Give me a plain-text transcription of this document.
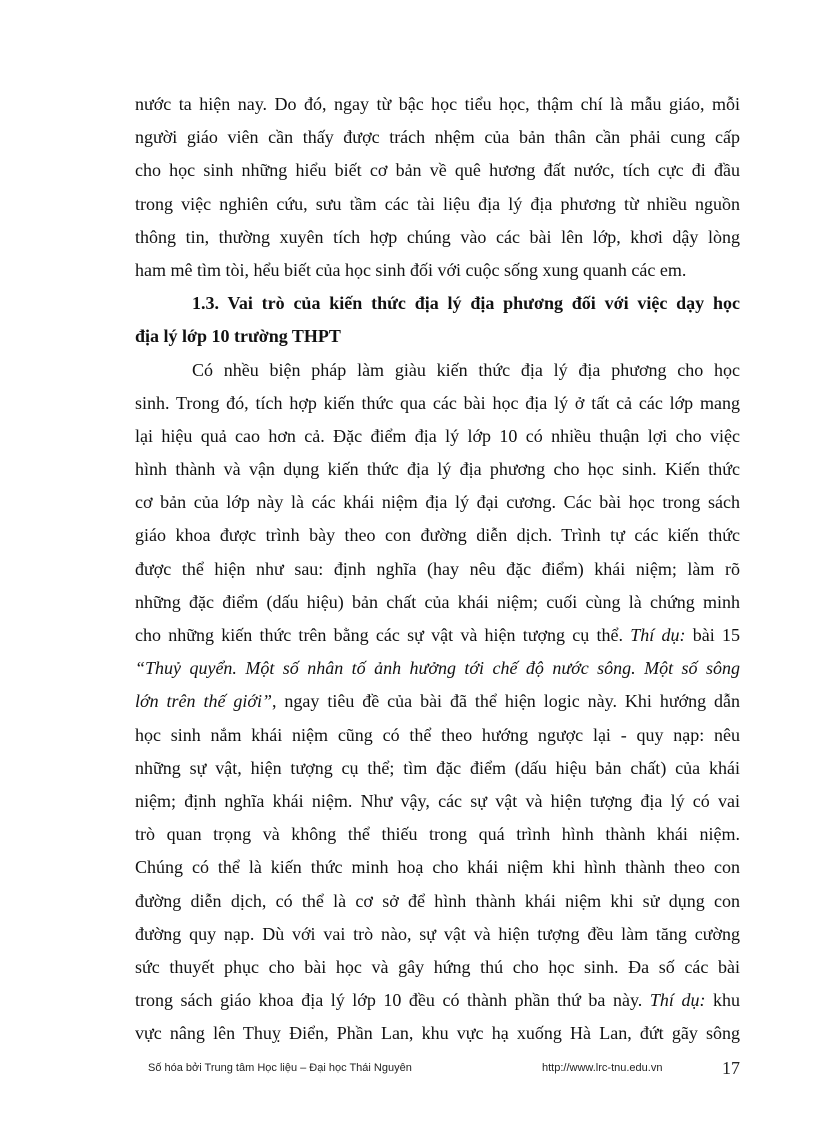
nước ta hiện nay. Do đó, ngay từ bậc học tiểu học, thậm chí là mẫu giáo, mỗi
người giáo viên cần thấy được trách nhệm của bản thân cần phải cung cấp
cho học sinh những hiểu biết cơ bản về quê hương đất nước, tích cực đi đầu
trong việc nghiên cứu, sưu tầm các tài liệu địa lý địa phương từ nhiều nguồn
thông tin, thường xuyên tích hợp chúng vào các bài lên lớp, khơi dậy lòng
ham mê tìm tòi, hểu biết của học sinh đối với cuộc sống xung quanh các em.
1.3. Vai trò của kiến thức địa lý địa phương đối với việc dạy học
địa lý lớp 10 trường THPT
Có nhều biện pháp làm giàu kiến thức địa lý địa phương cho học
sinh. Trong đó, tích hợp kiến thức qua các bài học địa lý ở tất cả các lớp mang
lại hiệu quả cao hơn cả. Đặc điểm địa lý lớp 10 có nhiều thuận lợi cho việc
hình thành và vận dụng kiến thức địa lý địa phương cho học sinh. Kiến thức
cơ bản của lớp này là các khái niệm địa lý đại cương. Các bài học trong sách
giáo khoa được trình bày theo con đường diễn dịch. Trình tự các kiến thức
được thể hiện như sau: định nghĩa (hay nêu đặc điểm) khái niệm; làm rõ
những đặc điểm (dấu hiệu) bản chất của khái niệm; cuối cùng là chứng minh
cho những kiến thức trên bằng các sự vật và hiện tượng cụ thể. Thí dụ: bài 15
“Thuỷ quyển. Một số nhân tố ảnh hưởng tới chế độ nước sông. Một số sông
lớn trên thế giới”, ngay tiêu đề của bài đã thể hiện logic này. Khi hướng dẫn
học sinh nắm khái niệm cũng có thể theo hướng ngược lại - quy nạp: nêu
những sự vật, hiện tượng cụ thể; tìm đặc điểm (dấu hiệu bản chất) của khái
niệm; định nghĩa khái niệm. Như vậy, các sự vật và hiện tượng địa lý có vai
trò quan trọng và không thể thiếu trong quá trình hình thành khái niệm.
Chúng có thể là kiến thức minh hoạ cho khái niệm khi hình thành theo con
đường diễn dịch, có thể là cơ sở để hình thành khái niệm khi sử dụng con
đường quy nạp. Dù với vai trò nào, sự vật và hiện tượng đều làm tăng cường
sức thuyết phục cho bài học và gây hứng thú cho học sinh. Đa số các bài
trong sách giáo khoa địa lý lớp 10 đều có thành phần thứ ba này. Thí dụ: khu
vực nâng lên Thuỵ Điển, Phần Lan, khu vực hạ xuống Hà Lan, đứt gãy sông
Số hóa bởi Trung tâm Học liệu – Đại học Thái Nguyên	http://www.lrc-tnu.edu.vn	17
